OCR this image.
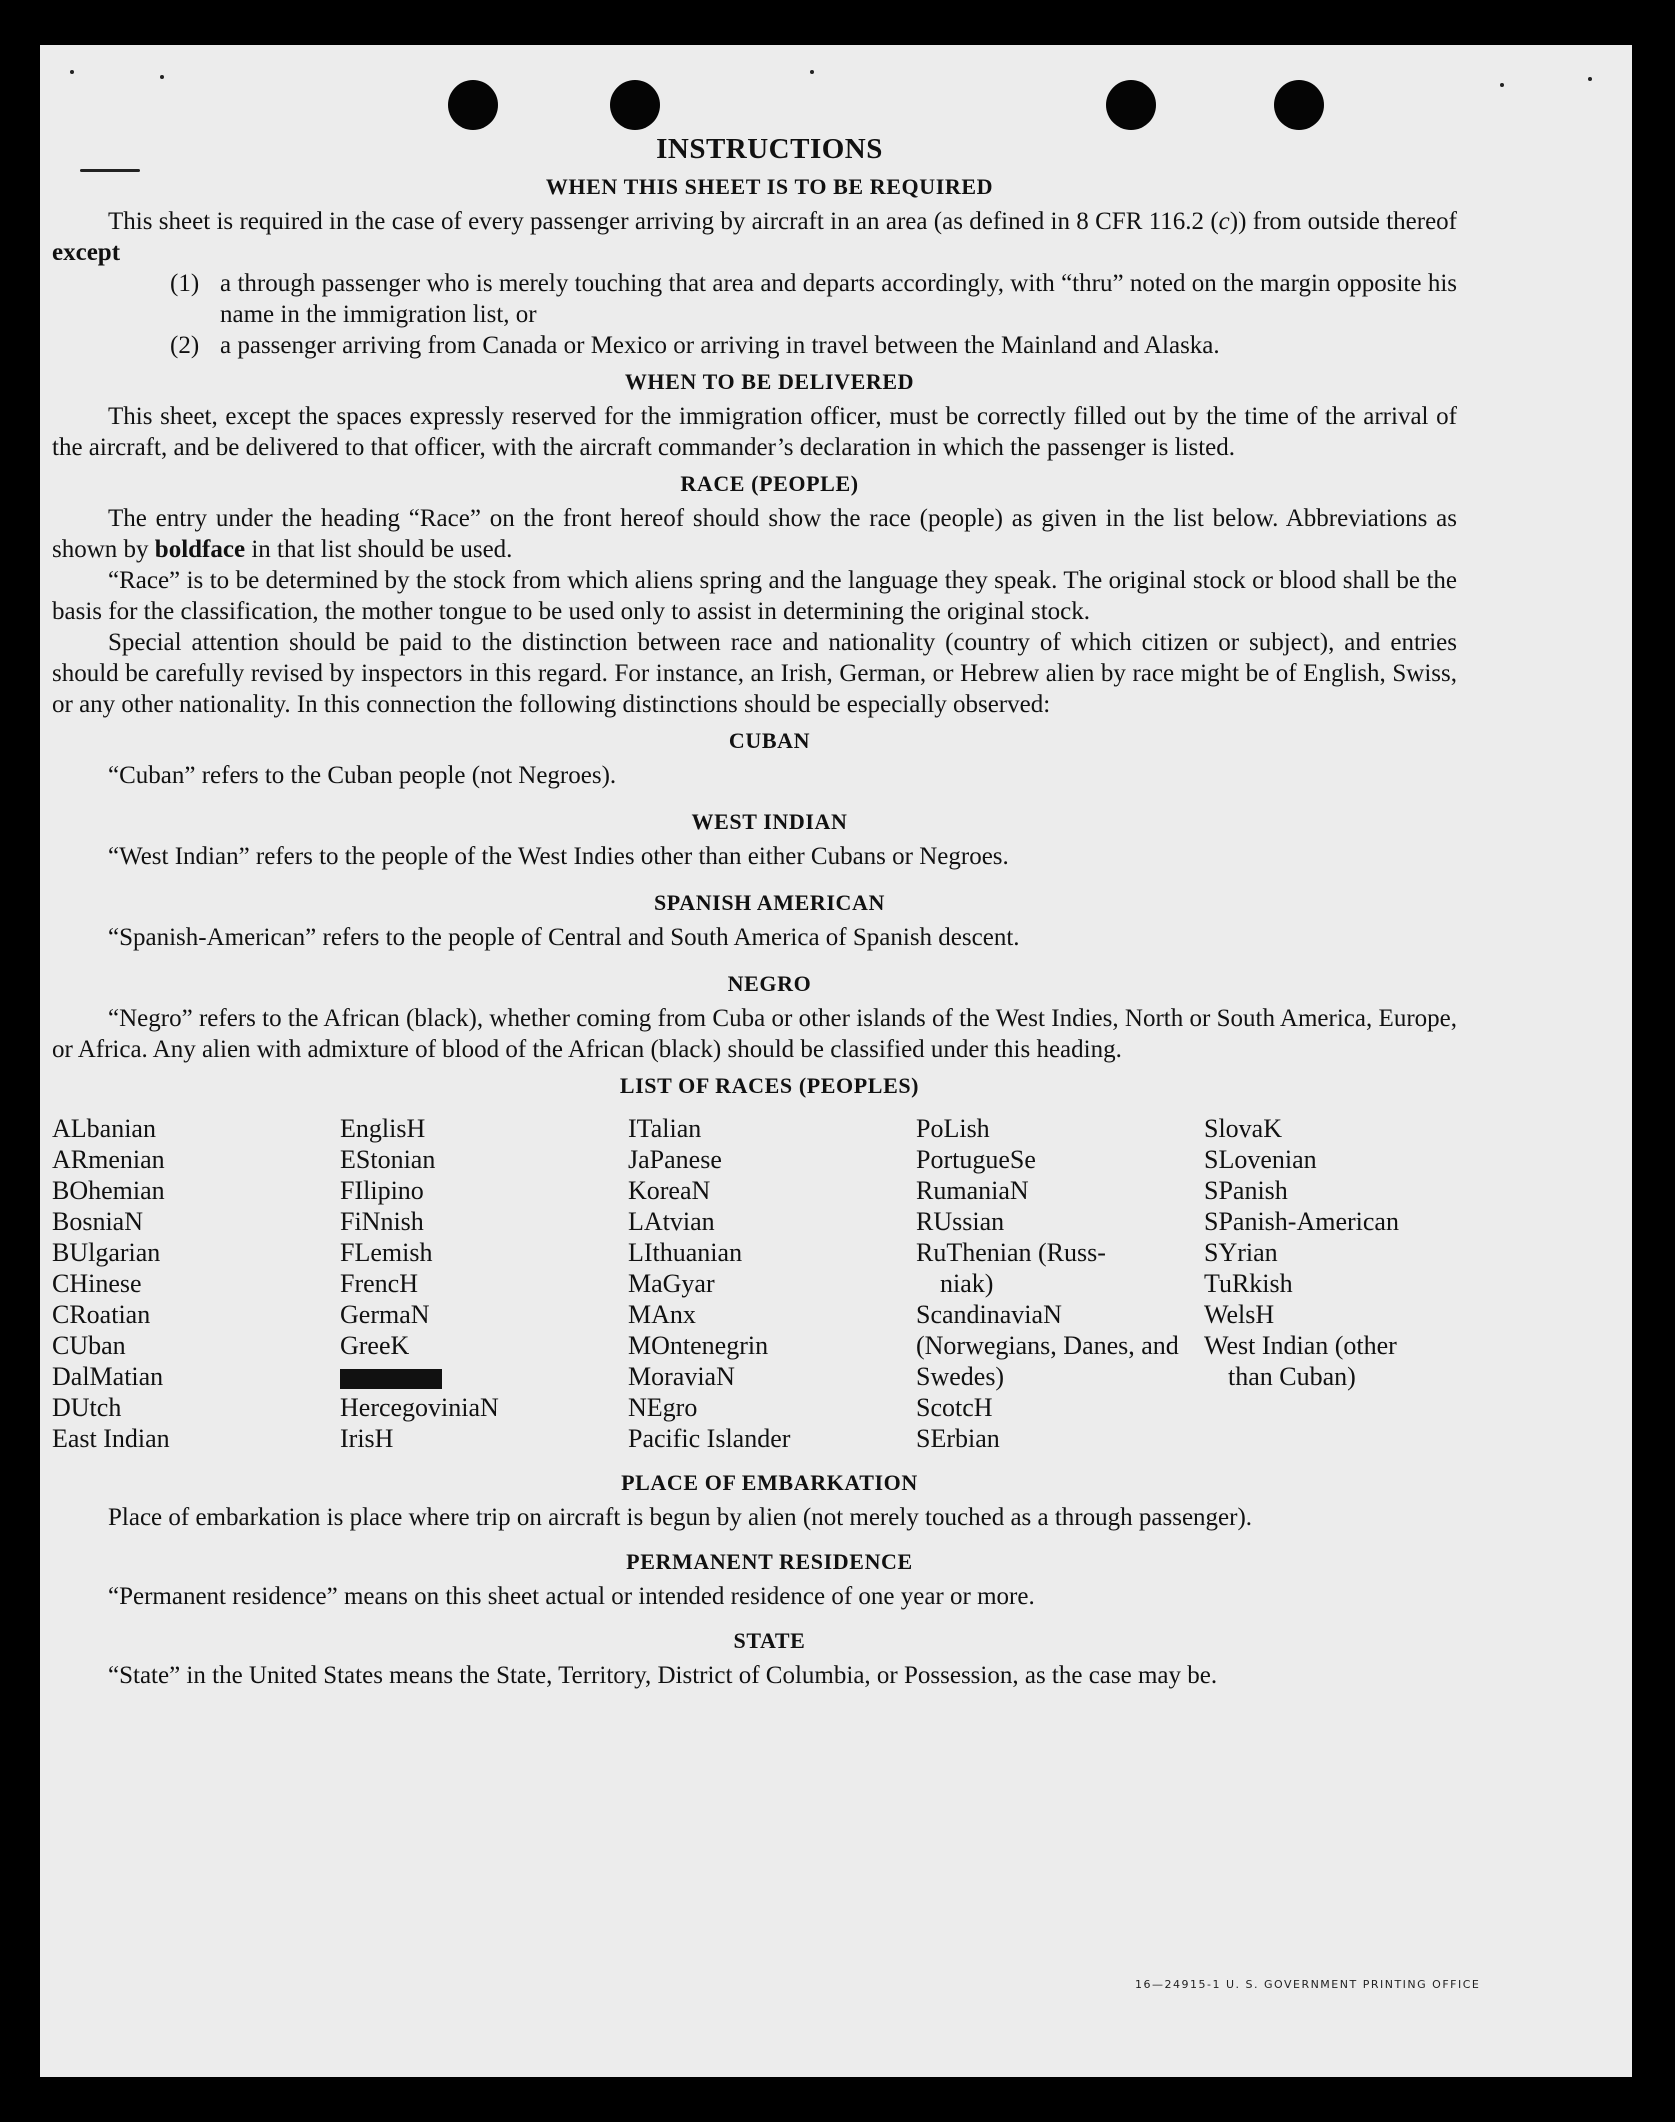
INSTRUCTIONS
WHEN THIS SHEET IS TO BE REQUIRED
This sheet is required in the case of every passenger arriving by aircraft in an area (as defined in 8 CFR 116.2 (c)) from outside thereof except
(1) a through passenger who is merely touching that area and departs accordingly, with “thru” noted on the margin opposite his name in the immigration list, or
(2) a passenger arriving from Canada or Mexico or arriving in travel between the Mainland and Alaska.
WHEN TO BE DELIVERED
This sheet, except the spaces expressly reserved for the immigration officer, must be correctly filled out by the time of the arrival of the aircraft, and be delivered to that officer, with the aircraft commander’s declaration in which the passenger is listed.
RACE (PEOPLE)
The entry under the heading “Race” on the front hereof should show the race (people) as given in the list below. Abbreviations as shown by boldface in that list should be used.
“Race” is to be determined by the stock from which aliens spring and the language they speak. The original stock or blood shall be the basis for the classification, the mother tongue to be used only to assist in determining the original stock.
Special attention should be paid to the distinction between race and nationality (country of which citizen or subject), and entries should be carefully revised by inspectors in this regard. For instance, an Irish, German, or Hebrew alien by race might be of English, Swiss, or any other nationality. In this connection the following distinctions should be especially observed:
CUBAN
“Cuban” refers to the Cuban people (not Negroes).
WEST INDIAN
“West Indian” refers to the people of the West Indies other than either Cubans or Negroes.
SPANISH AMERICAN
“Spanish-American” refers to the people of Central and South America of Spanish descent.
NEGRO
“Negro” refers to the African (black), whether coming from Cuba or other islands of the West Indies, North or South America, Europe, or Africa. Any alien with admixture of blood of the African (black) should be classified under this heading.
LIST OF RACES (PEOPLES)
ALbanian
ARmenian
BOhemian
BosniaN
BUlgarian
CHinese
CRoatian
CUban
DalMatian
DUtch
East Indian
EnglisH
EStonian
FIlipino
FiNnish
FLemish
FrencH
GermaN
GreeK
HercegoviniaN
IrisH
ITalian
JaPanese
KoreaN
LAtvian
LIthuanian
MaGyar
MAnx
MOntenegrin
MoraviaN
NEgro
Pacific Islander
PoLish
PortugueSe
RumaniaN
RUssian
RuThenian (Russ-
niak)
ScandinaviaN (Norwegians, Danes, and Swedes)
ScotcH
SErbian
SlovaK
SLovenian
SPanish
SPanish-American
SYrian
TuRkish
WelsH
West Indian (other
than Cuban)
PLACE OF EMBARKATION
Place of embarkation is place where trip on aircraft is begun by alien (not merely touched as a through passenger).
PERMANENT RESIDENCE
“Permanent residence” means on this sheet actual or intended residence of one year or more.
STATE
“State” in the United States means the State, Territory, District of Columbia, or Possession, as the case may be.
16—24915-1 U. S. GOVERNMENT PRINTING OFFICE
